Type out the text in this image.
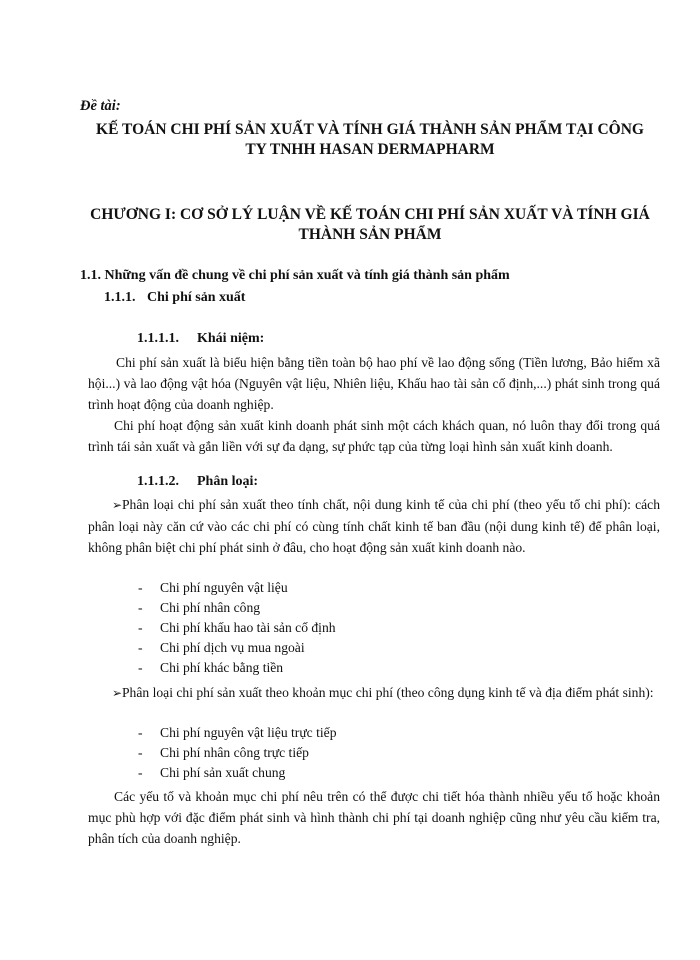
Đề tài:

KẾ TOÁN CHI PHÍ SẢN XUẤT VÀ TÍNH GIÁ THÀNH SẢN PHẨM TẠI CÔNG
TY TNHH HASAN DERMAPHARM
CHƯƠNG I: CƠ SỞ LÝ LUẬN VỀ KẾ TOÁN CHI PHÍ SẢN XUẤT VÀ TÍNH GIÁ
THÀNH SẢN PHẨM

1.1. Những vấn đề chung về chi phí sản xuất và tính giá thành sản phẩm

1.1.1. Chi phí sản xuất

1.1.1.1. Khái niệm:

Chi phí sản xuất là biểu hiện bằng tiền toàn bộ hao phí về lao động sống (Tiền lương, Bảo hiểm xã hội...) và lao động vật hóa (Nguyên vật liệu, Nhiên liệu, Khấu hao tài sản cố định,...) phát sinh trong quá trình hoạt động của doanh nghiệp.

Chi phí hoạt động sản xuất kinh doanh phát sinh một cách khách quan, nó luôn thay đổi trong quá trình tái sản xuất và gắn liền với sự đa dạng, sự phức tạp của từng loại hình sản xuất kinh doanh.

1.1.1.2. Phân loại:

➢Phân loại chi phí sản xuất theo tính chất, nội dung kinh tế của chi phí (theo yếu tố chi phí): cách phân loại này căn cứ vào các chi phí có cùng tính chất kinh tế ban đầu (nội dung kinh tế) để phân loại, không phân biệt chi phí phát sinh ở đâu, cho hoạt động sản xuất kinh doanh nào.

- Chi phí nguyên vật liệu
- Chi phí nhân công
- Chi phí khấu hao tài sản cố định
- Chi phí dịch vụ mua ngoài
- Chi phí khác bằng tiền

➢Phân loại chi phí sản xuất theo khoản mục chi phí (theo công dụng kinh tế và địa điểm phát sinh):

- Chi phí nguyên vật liệu trực tiếp
- Chi phí nhân công trực tiếp
- Chi phí sản xuất chung

Các yếu tố và khoản mục chi phí nêu trên có thể được chi tiết hóa thành nhiều yếu tố hoặc khoản mục phù hợp với đặc điểm phát sinh và hình thành chi phí tại doanh nghiệp cũng như yêu cầu kiểm tra, phân tích của doanh nghiệp.
